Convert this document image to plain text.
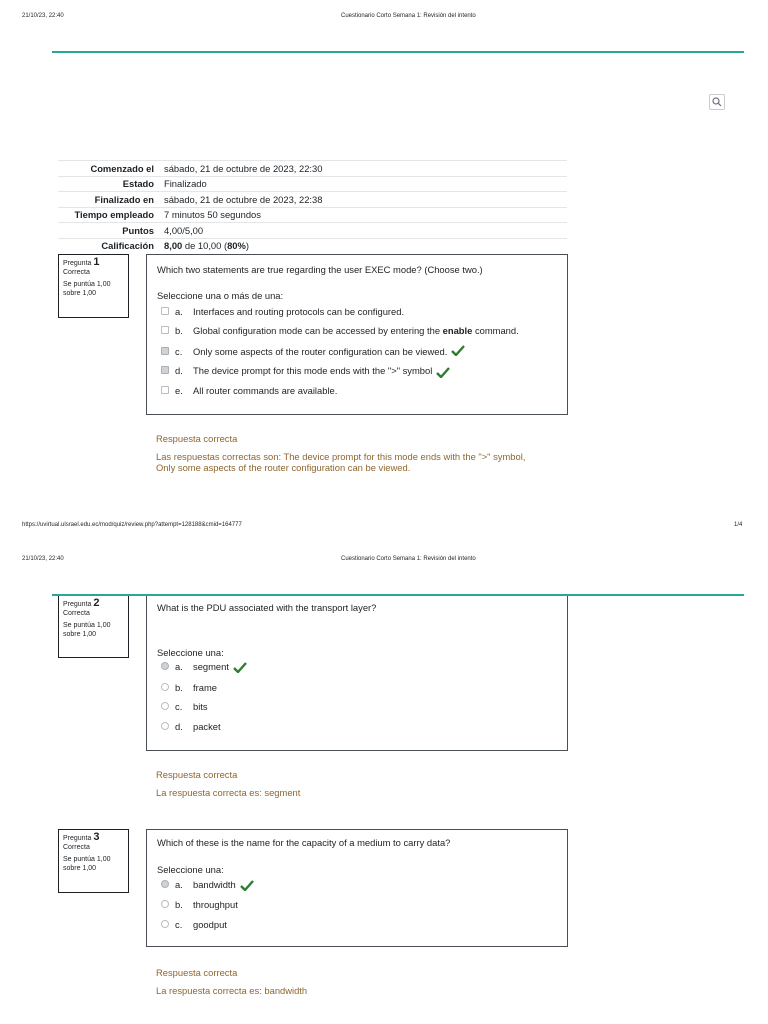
21/10/23, 22:40	Cuestionario Corto Semana 1: Revisión del intento
Comenzado el	sábado, 21 de octubre de 2023, 22:30
Estado	Finalizado
Finalizado en	sábado, 21 de octubre de 2023, 22:38
Tiempo empleado	7 minutos 50 segundos
Puntos	4,00/5,00
Calificación	8,00 de 10,00 (80%)
Pregunta 1
Correcta
Se puntúa 1,00
sobre 1,00
Which two statements are true regarding the user EXEC mode? (Choose two.)
Seleccione una o más de una:
a.	Interfaces and routing protocols can be configured.
b.	Global configuration mode can be accessed by entering the enable command.
c.	Only some aspects of the router configuration can be viewed.
d.	The device prompt for this mode ends with the ">" symbol
e.	All router commands are available.
Respuesta correcta
Las respuestas correctas son: The device prompt for this mode ends with the ">" symbol,
Only some aspects of the router configuration can be viewed.
https://uvirtual.ulsrael.edu.ec/mod/quiz/review.php?attempt=128188&cmid=164777	1/4
21/10/23, 22:40	Cuestionario Corto Semana 1: Revisión del intento
Pregunta 2
Correcta
Se puntúa 1,00
sobre 1,00
What is the PDU associated with the transport layer?
Seleccione una:
a.	segment
b.	frame
c.	bits
d.	packet
Respuesta correcta
La respuesta correcta es: segment
Pregunta 3
Correcta
Se puntúa 1,00
sobre 1,00
Which of these is the name for the capacity of a medium to carry data?
Seleccione una:
a.	bandwidth
b.	throughput
c.	goodput
Respuesta correcta
La respuesta correcta es: bandwidth
